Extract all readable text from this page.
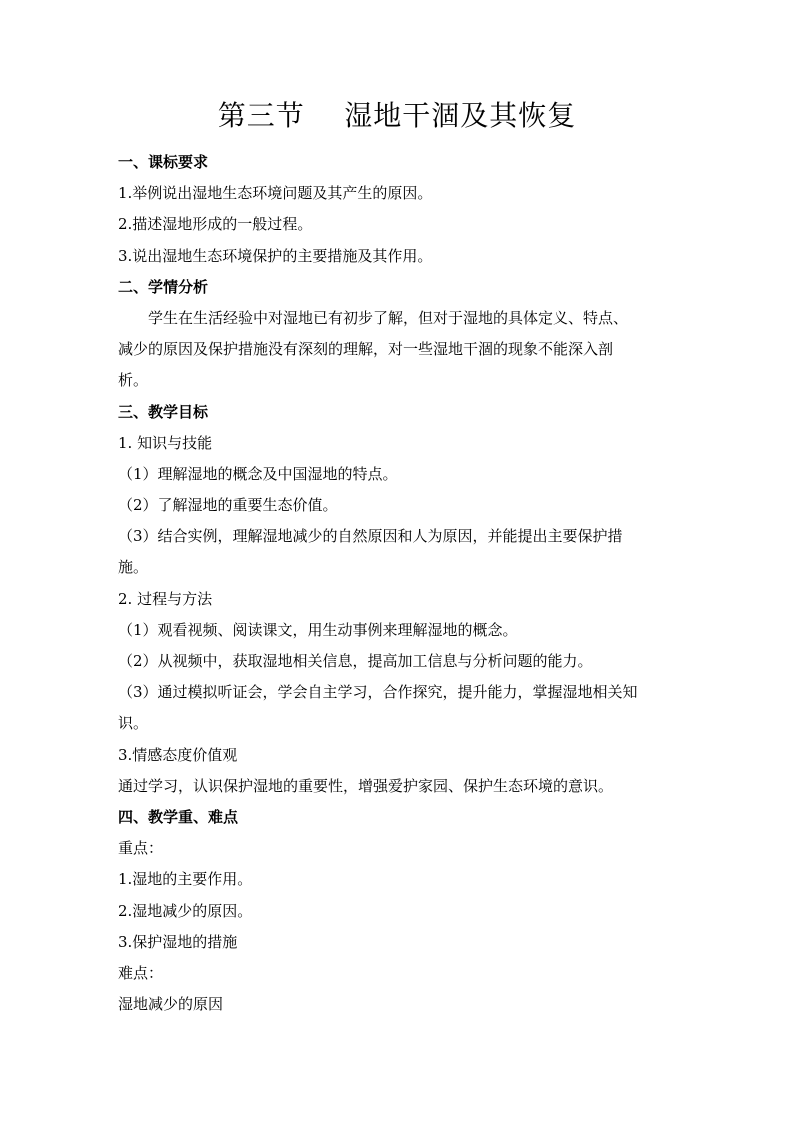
第三节    湿地干涸及其恢复
一、课标要求
1.举例说出湿地生态环境问题及其产生的原因。
2.描述湿地形成的一般过程。
3.说出湿地生态环境保护的主要措施及其作用。
二、学情分析
学生在生活经验中对湿地已有初步了解，但对于湿地的具体定义、特点、
减少的原因及保护措施没有深刻的理解，对一些湿地干涸的现象不能深入剖
析。
三、教学目标
1. 知识与技能
（1）理解湿地的概念及中国湿地的特点。
（2）了解湿地的重要生态价值。
（3）结合实例，理解湿地减少的自然原因和人为原因，并能提出主要保护措
施。
2. 过程与方法
（1）观看视频、阅读课文，用生动事例来理解湿地的概念。
（2）从视频中，获取湿地相关信息，提高加工信息与分析问题的能力。
（3）通过模拟听证会，学会自主学习，合作探究，提升能力，掌握湿地相关知
识。
3.情感态度价值观
通过学习，认识保护湿地的重要性，增强爱护家园、保护生态环境的意识。
四、教学重、难点
重点：
1.湿地的主要作用。
2.湿地减少的原因。
3.保护湿地的措施
难点：
湿地减少的原因
